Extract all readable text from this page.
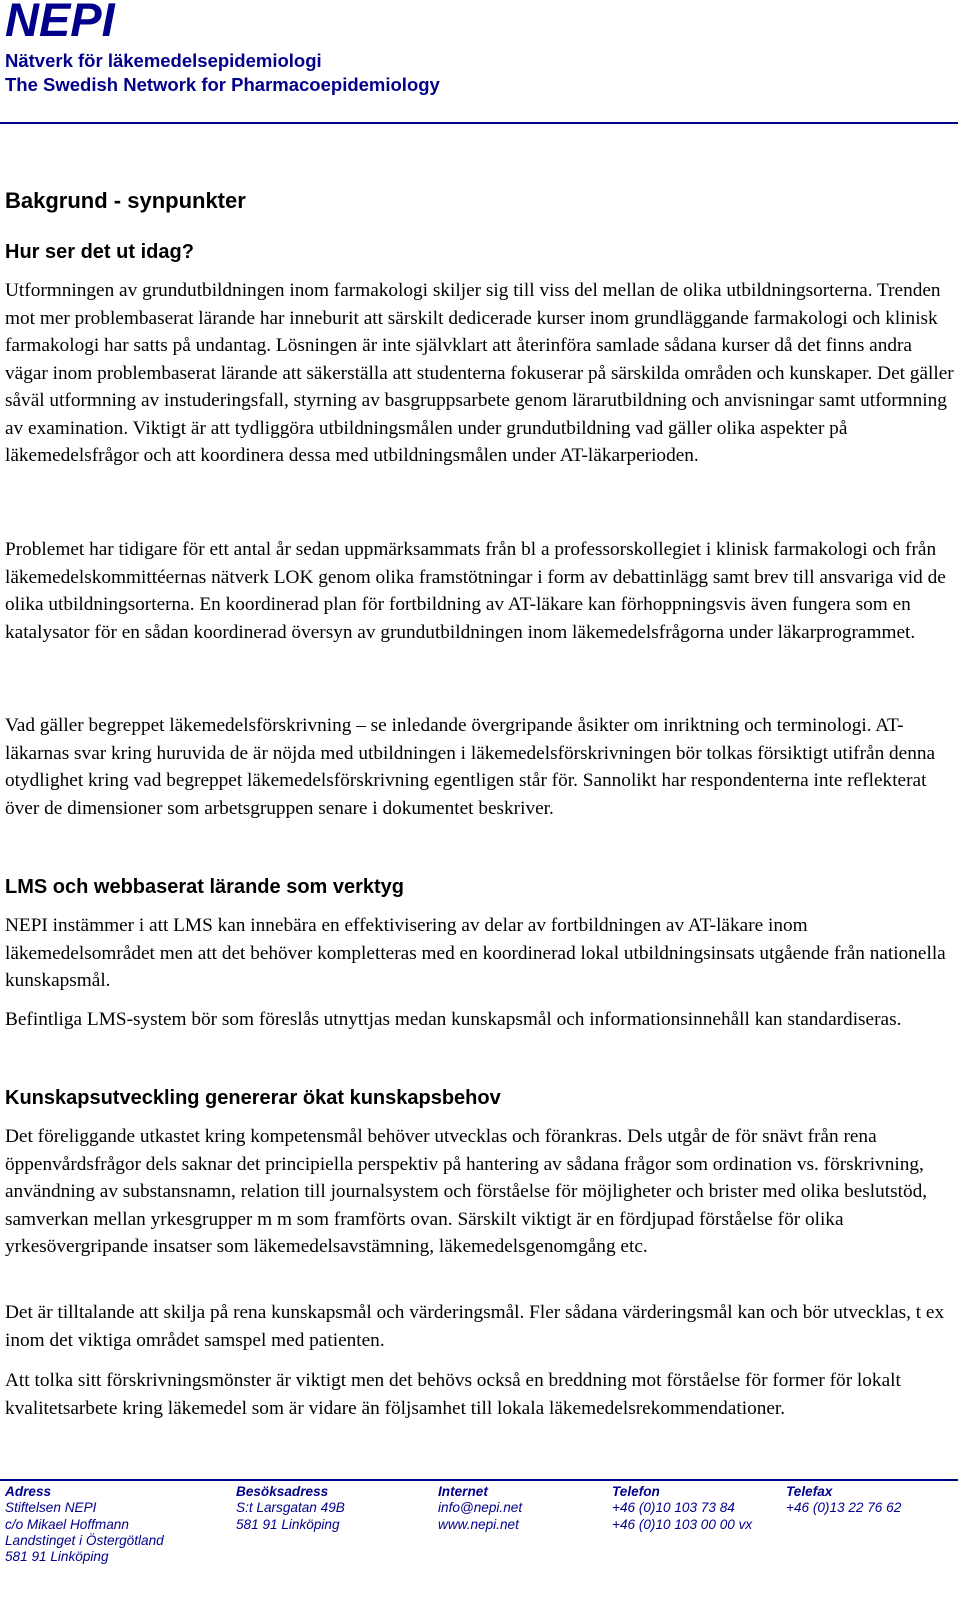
NEPI
Nätverk för läkemedelsepidemiologi
The Swedish Network for Pharmacoepidemiology
Bakgrund - synpunkter
Hur ser det ut idag?

Utformningen av grundutbildningen inom farmakologi skiljer sig till viss del mellan de olika utbildningsorterna. Trenden mot mer problembaserat lärande har inneburit att särskilt dedicerade kurser inom grundläggande farmakologi och klinisk farmakologi har satts på undantag. Lösningen är inte självklart att återinföra samlade sådana kurser då det finns andra vägar inom problembaserat lärande att säkerställa att studenterna fokuserar på särskilda områden och kunskaper. Det gäller såväl utformning av instuderingsfall, styrning av basgruppsarbete genom lärarutbildning och anvisningar samt utformning av examination. Viktigt är att tydliggöra utbildningsmålen under grundutbildning vad gäller olika aspekter på läkemedelsfrågor och att koordinera dessa med utbildningsmålen under AT-läkarperioden.

Problemet har tidigare för ett antal år sedan uppmärksammats från bl a professorskollegiet i klinisk farmakologi och från läkemedelskommittéernas nätverk LOK genom olika framstötningar i form av debattinlägg samt brev till ansvariga vid de olika utbildningsorterna. En koordinerad plan för fortbildning av AT-läkare kan förhoppningsvis även fungera som en katalysator för en sådan koordinerad översyn av grundutbildningen inom läkemedelsfrågorna under läkarprogrammet.

Vad gäller begreppet läkemedelsförskrivning – se inledande övergripande åsikter om inriktning och terminologi. AT-läkarnas svar kring huruvida de är nöjda med utbildningen i läkemedelsförskrivningen bör tolkas försiktigt utifrån denna otydlighet kring vad begreppet läkemedelsförskrivning egentligen står för. Sannolikt har respondenterna inte reflekterat över de dimensioner som arbetsgruppen senare i dokumentet beskriver.

LMS och webbaserat lärande som verktyg

NEPI instämmer i att LMS kan innebära en effektivisering av delar av fortbildningen av AT-läkare inom läkemedelsområdet men att det behöver kompletteras med en koordinerad lokal utbildningsinsats utgående från nationella kunskapsmål.

Befintliga LMS-system bör som föreslås utnyttjas medan kunskapsmål och informationsinnehåll kan standardiseras.

Kunskapsutveckling genererar ökat kunskapsbehov

Det föreliggande utkastet kring kompetensmål behöver utvecklas och förankras. Dels utgår de för snävt från rena öppenvårdsfrågor dels saknar det principiella perspektiv på hantering av sådana frågor som ordination vs. förskrivning, användning av substansnamn, relation till journalsystem och förståelse för möjligheter och brister med olika beslutstöd, samverkan mellan yrkesgrupper m m som framförts ovan. Särskilt viktigt är en fördjupad förståelse för olika yrkesövergripande insatser som läkemedelsavstämning, läkemedelsgenomgång etc.

Det är tilltalande att skilja på rena kunskapsmål och värderingsmål. Fler sådana värderingsmål kan och bör utvecklas, t ex inom det viktiga området samspel med patienten.

Att tolka sitt förskrivningsmönster är viktigt men det behövs också en breddning mot förståelse för former för lokalt kvalitetsarbete kring läkemedel som är vidare än följsamhet till lokala läkemedelsrekommendationer.

Adress
Stiftelsen NEPI
c/o Mikael Hoffmann
Landstinget i Östergötland
581 91 Linköping
Besöksadress
S:t Larsgatan 49B
581 91 Linköping
Internet
info@nepi.net
www.nepi.net
Telefon
+46 (0)10 103 73 84
+46 (0)10 103 00 00 vx
Telefax
+46 (0)13 22 76 62
